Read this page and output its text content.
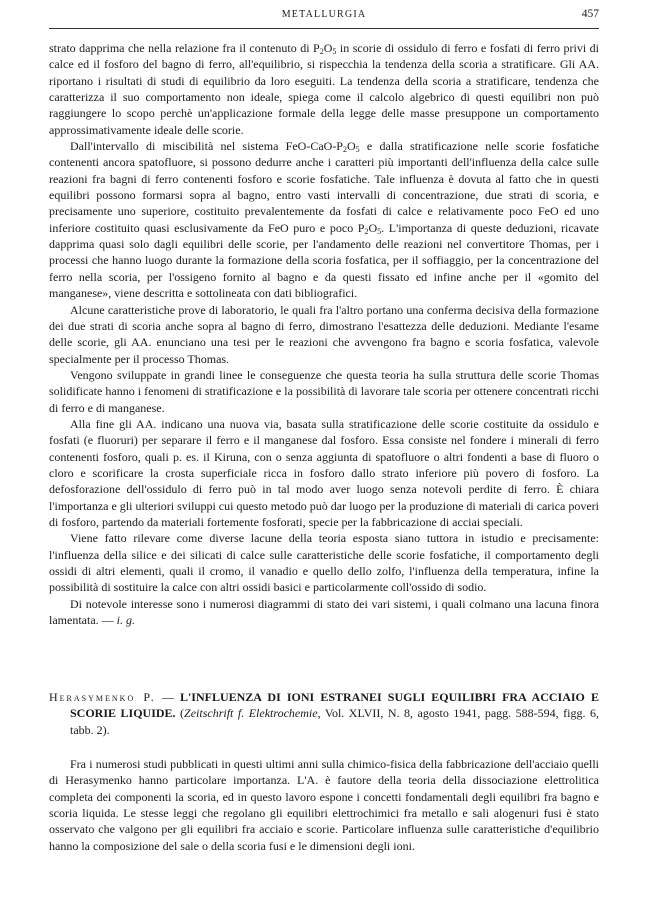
METALLURGIA	457

strato dapprima che nella relazione fra il contenuto di $P_2O_5$ in scorie di ossidulo di ferro e fosfati di ferro privi di calce ed il fosforo del bagno di ferro, all'equilibrio, si rispecchia la tendenza della scoria a stratificare. Gli AA. riportano i risultati di studi di equilibrio da loro eseguiti. La tendenza della scoria a stratificare, tendenza che caratterizza il suo comportamento non ideale, spiega come il calcolo algebrico di questi equilibri non può raggiungere lo scopo perchè un'applicazione formale della legge delle masse presuppone un comportamento approssimativamente ideale delle scorie.

Dall'intervallo di miscibilità nel sistema FeO-$CaO-P_2O_5$ e dalla stratificazione nelle scorie fosfatiche contenenti ancora spatofluore, si possono dedurre anche i caratteri più importanti dell'influenza della calce sulle reazioni fra bagni di ferro contenenti fosforo e scorie fosfatiche. Tale influenza è dovuta al fatto che in questi equilibri possono formarsi sopra al bagno, entro vasti intervalli di concentrazione, due strati di scoria, e precisamente uno superiore, costituito prevalentemente da fosfati di calce e relativamente poco FeO ed uno inferiore costituito quasi esclusivamente da FeO puro e poco $P_2O_5$. L'importanza di queste deduzioni, ricavate dapprima quasi solo dagli equilibri delle scorie, per l'andamento delle reazioni nel convertitore Thomas, per i processi che hanno luogo durante la formazione della scoria fosfatica, per il soffiaggio, per la concentrazione del ferro nella scoria, per l'ossigeno fornito al bagno e da questi fissato ed infine anche per il «gomito del manganese», viene descritta e sottolineata con dati bibliografici.

Alcune caratteristiche prove di laboratorio, le quali fra l'altro portano una conferma decisiva della formazione dei due strati di scoria anche sopra al bagno di ferro, dimostrano l'esattezza delle deduzioni. Mediante l'esame delle scorie, gli AA. enunciano una tesi per le reazioni che avvengono fra bagno e scoria fosfatica, valevole specialmente per il processo Thomas.

Vengono sviluppate in grandi linee le conseguenze che questa teoria ha sulla struttura delle scorie Thomas solidificate hanno i fenomeni di stratificazione e la possibilità di lavorare tale scoria per ottenere concentrati ricchi di ferro e di manganese.

Alla fine gli AA. indicano una nuova via, basata sulla stratificazione delle scorie costituite da ossidulo e fosfati (e fluoruri) per separare il ferro e il manganese dal fosforo. Essa consiste nel fondere i minerali di ferro contenenti fosforo, quali p. es. il Kiruna, con o senza aggiunta di spatofluore o altri fondenti a base di fluoro o cloro e scorificare la crosta superficiale ricca in fosforo dallo strato inferiore più povero di fosforo. La defosforazione dell'ossidulo di ferro può in tal modo aver luogo senza notevoli perdite di ferro. È chiara l'importanza e gli ulteriori sviluppi cui questo metodo può dar luogo per la produzione di materiali di carica poveri di fosforo, partendo da materiali fortemente fosforati, specie per la fabbricazione di acciai speciali.

Viene fatto rilevare come diverse lacune della teoria esposta siano tuttora in istudio e precisamente: l'influenza della silice e dei silicati di calce sulle caratteristiche delle scorie fosfatiche, il comportamento degli ossidi di altri elementi, quali il cromo, il vanadio e quello dello zolfo, l'influenza della temperatura, infine la possibilità di sostituire la calce con altri ossidi basici e particolarmente coll'ossido di sodio.

Di notevole interesse sono i numerosi diagrammi di stato dei vari sistemi, i quali colmano una lacuna finora lamentata. — i. g.

Herasymenko P. — L'INFLUENZA DI IONI ESTRANEI SUGLI EQUILIBRI FRA ACCIAIO E SCORIE LIQUIDE. (Zeitschrift f. Elektrochemie, Vol. XLVII, N. 8, agosto 1941, pagg. 588-594, figg. 6, tabb. 2).

Fra i numerosi studi pubblicati in questi ultimi anni sulla chimico-fisica della fabbricazione dell'acciaio quelli di Herasymenko hanno particolare importanza. L'A. è fautore della teoria della dissociazione elettrolitica completa dei componenti la scoria, ed in questo lavoro espone i concetti fondamentali degli equilibri fra bagno e scoria liquida. Le stesse leggi che regolano gli equilibri elettrochimici fra metallo e sali alogenuri fusi è stato osservato che valgono per gli equilibri fra acciaio e scorie. Particolare influenza sulle caratteristiche d'equilibrio hanno la composizione del sale o della scoria fusi e le dimensioni degli ioni.
